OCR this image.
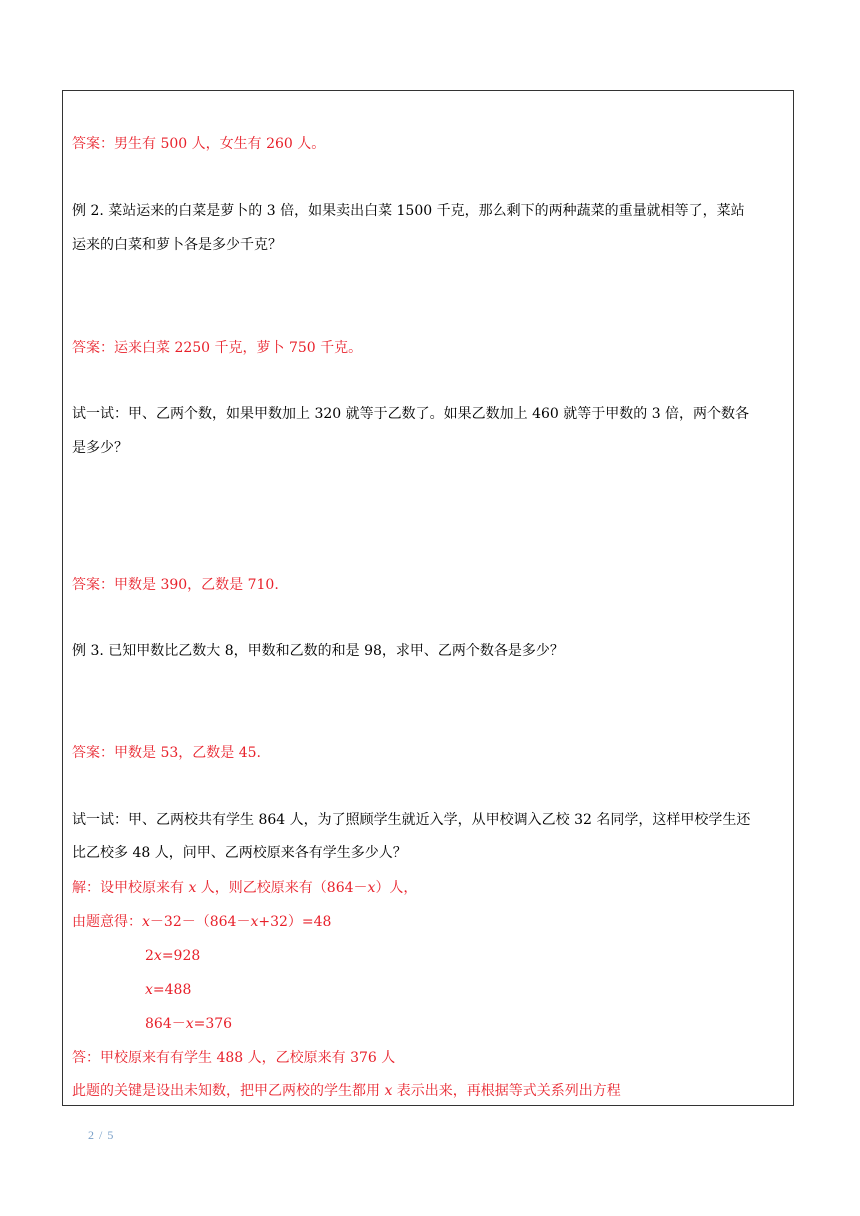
答案：男生有 500 人，女生有 260 人。
例 2. 菜站运来的白菜是萝卜的 3 倍，如果卖出白菜 1500 千克，那么剩下的两种蔬菜的重量就相等了，菜站
运来的白菜和萝卜各是多少千克？
答案：运来白菜 2250 千克，萝卜 750 千克。
试一试：甲、乙两个数，如果甲数加上 320 就等于乙数了。如果乙数加上 460 就等于甲数的 3 倍，两个数各
是多少？
答案：甲数是 390，乙数是 710.
例 3. 已知甲数比乙数大 8，甲数和乙数的和是 98，求甲、乙两个数各是多少？
答案：甲数是 53，乙数是 45.
试一试：甲、乙两校共有学生 864 人，为了照顾学生就近入学，从甲校调入乙校 32 名同学，这样甲校学生还
比乙校多 48 人，问甲、乙两校原来各有学生多少人？
解：设甲校原来有 x 人，则乙校原来有（864－x）人，
由题意得：x－32－（864－x+32）=48
2x=928
x=488
864－x=376
答：甲校原来有有学生 488 人，乙校原来有 376 人
此题的关键是设出未知数，把甲乙两校的学生都用 x 表示出来，再根据等式关系列出方程
2 / 5
